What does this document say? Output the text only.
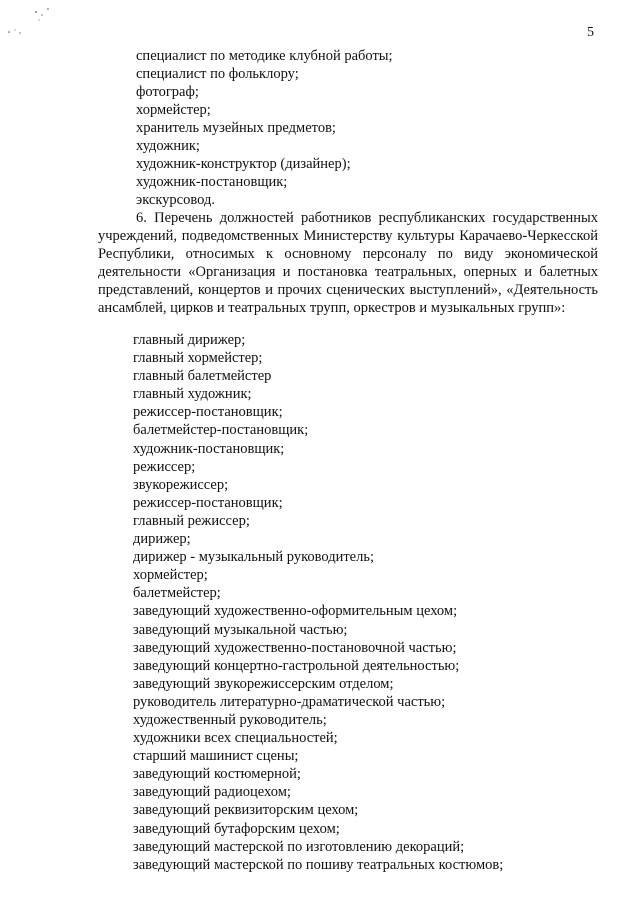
5
специалист по методике клубной работы;
специалист по фольклору;
фотограф;
хормейстер;
хранитель музейных предметов;
художник;
художник-конструктор (дизайнер);
художник-постановщик;
экскурсовод.

6. Перечень должностей работников республиканских государственных учреждений, подведомственных Министерству культуры Карачаево-Черкесской Республики, относимых к основному персоналу по виду экономической деятельности «Организация и постановка театральных, оперных и балетных представлений, концертов и прочих сценических выступлений», «Деятельность ансамблей, цирков и театральных трупп, оркестров и музыкальных групп»:

главный дирижер;
главный хормейстер;
главный балетмейстер
главный художник;
режиссер-постановщик;
балетмейстер-постановщик;
художник-постановщик;
режиссер;
звукорежиссер;
режиссер-постановщик;
главный режиссер;
дирижер;
дирижер - музыкальный руководитель;
хормейстер;
балетмейстер;
заведующий художественно-оформительным цехом;
заведующий музыкальной частью;
заведующий художественно-постановочной частью;
заведующий концертно-гастрольной деятельностью;
заведующий звукорежиссерским отделом;
руководитель литературно-драматической частью;
художественный руководитель;
художники всех специальностей;
старший машинист сцены;
заведующий костюмерной;
заведующий радиоцехом;
заведующий реквизиторским цехом;
заведующий бутафорским цехом;
заведующий мастерской по изготовлению декораций;
заведующий мастерской по пошиву театральных костюмов;
